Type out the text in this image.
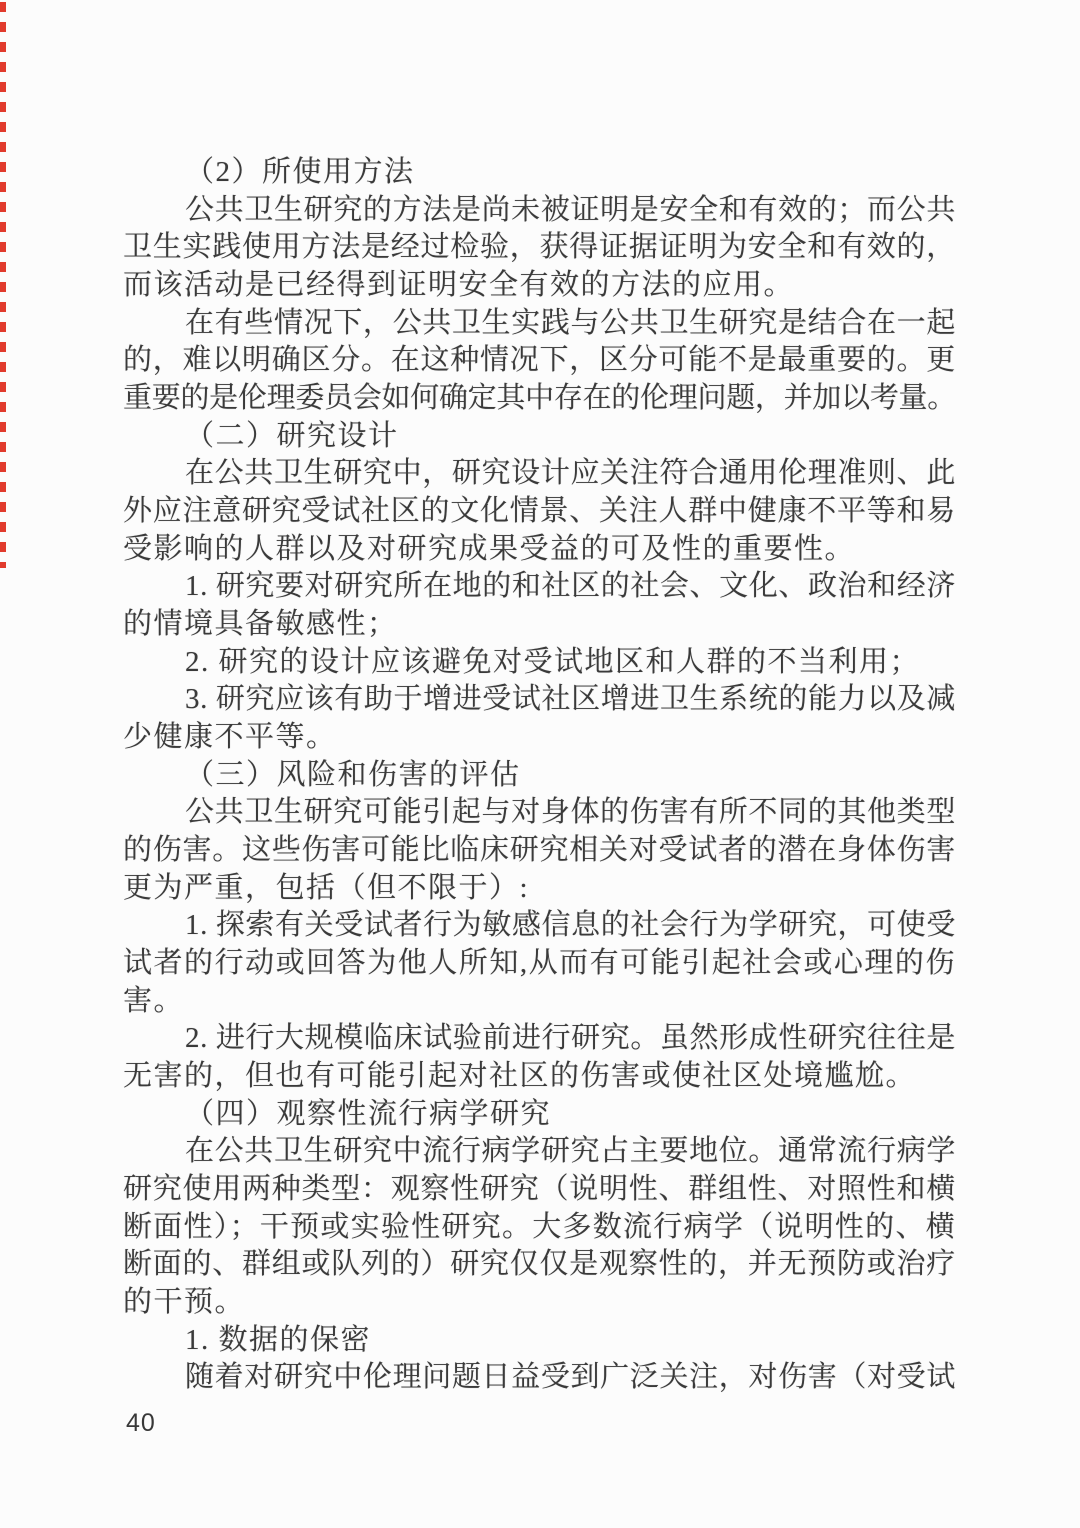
（2）所使用方法
公共卫生研究的方法是尚未被证明是安全和有效的；而公共
卫生实践使用方法是经过检验，获得证据证明为安全和有效的，
而该活动是已经得到证明安全有效的方法的应用。
在有些情况下，公共卫生实践与公共卫生研究是结合在一起
的，难以明确区分。在这种情况下，区分可能不是最重要的。更
重要的是伦理委员会如何确定其中存在的伦理问题，并加以考量。
（二）研究设计
在公共卫生研究中，研究设计应关注符合通用伦理准则、此
外应注意研究受试社区的文化情景、关注人群中健康不平等和易
受影响的人群以及对研究成果受益的可及性的重要性。
1. 研究要对研究所在地的和社区的社会、文化、政治和经济
的情境具备敏感性；
2. 研究的设计应该避免对受试地区和人群的不当利用；
3. 研究应该有助于增进受试社区增进卫生系统的能力以及减
少健康不平等。
（三）风险和伤害的评估
公共卫生研究可能引起与对身体的伤害有所不同的其他类型
的伤害。这些伤害可能比临床研究相关对受试者的潜在身体伤害
更为严重，包括（但不限于）:
1. 探索有关受试者行为敏感信息的社会行为学研究，可使受
试者的行动或回答为他人所知,从而有可能引起社会或心理的伤
害。
2. 进行大规模临床试验前进行研究。虽然形成性研究往往是
无害的，但也有可能引起对社区的伤害或使社区处境尴尬。
（四）观察性流行病学研究
在公共卫生研究中流行病学研究占主要地位。通常流行病学
研究使用两种类型：观察性研究（说明性、群组性、对照性和横
断面性）；干预或实验性研究。大多数流行病学（说明性的、横
断面的、群组或队列的）研究仅仅是观察性的，并无预防或治疗
的干预。
1. 数据的保密
随着对研究中伦理问题日益受到广泛关注，对伤害（对受试
40
